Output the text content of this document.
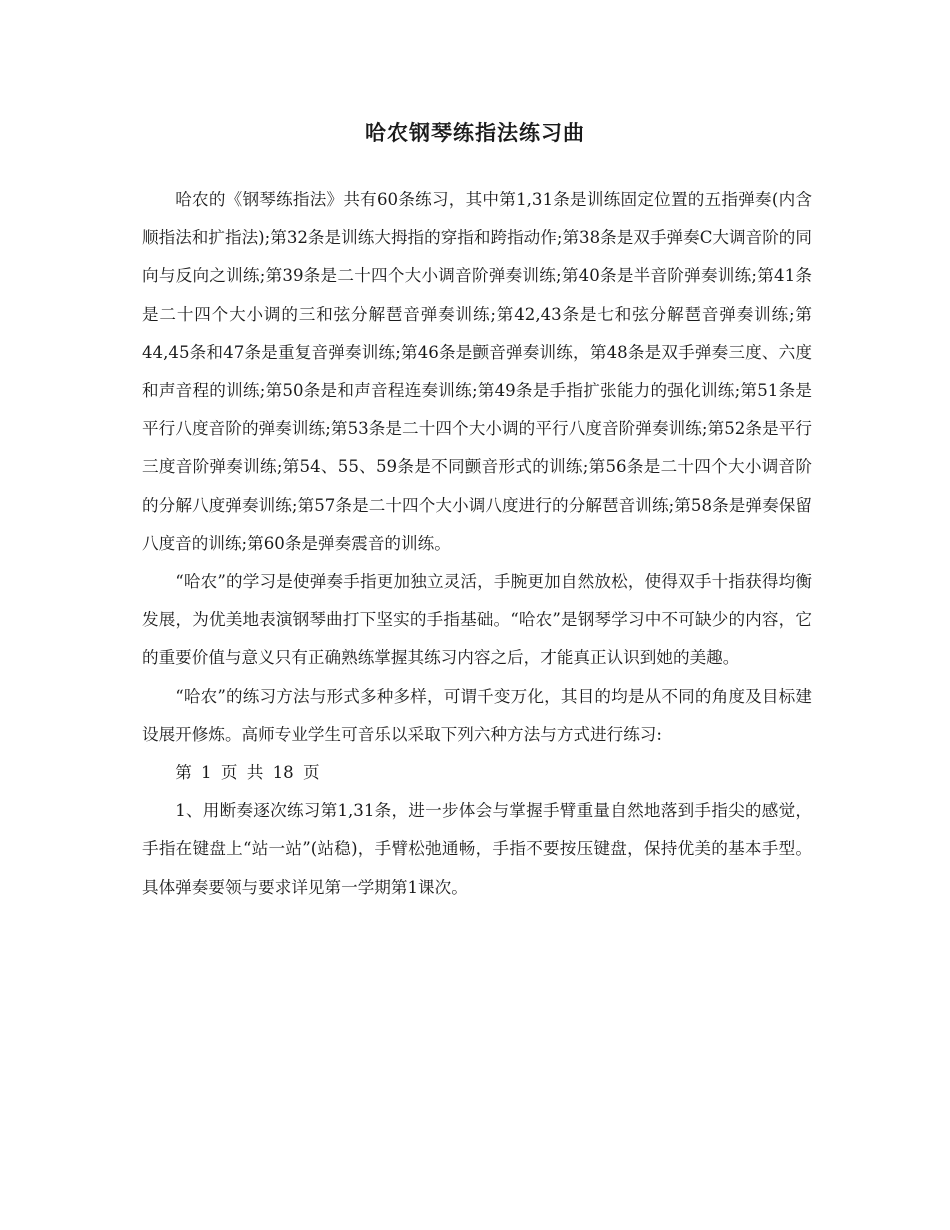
哈农钢琴练指法练习曲

哈农的《钢琴练指法》共有60条练习，其中第1,31条是训练固定位置的五指弹奏(内含顺指法和扩指法);第32条是训练大拇指的穿指和跨指动作;第38条是双手弹奏C大调音阶的同向与反向之训练;第39条是二十四个大小调音阶弹奏训练;第40条是半音阶弹奏训练;第41条是二十四个大小调的三和弦分解琶音弹奏训练;第42,43条是七和弦分解琶音弹奏训练;第44,45条和47条是重复音弹奏训练;第46条是颤音弹奏训练，第48条是双手弹奏三度、六度和声音程的训练;第50条是和声音程连奏训练;第49条是手指扩张能力的强化训练;第51条是平行八度音阶的弹奏训练;第53条是二十四个大小调的平行八度音阶弹奏训练;第52条是平行三度音阶弹奏训练;第54、55、59条是不同颤音形式的训练;第56条是二十四个大小调音阶的分解八度弹奏训练;第57条是二十四个大小调八度进行的分解琶音训练;第58条是弹奏保留八度音的训练;第60条是弹奏震音的训练。

“哈农”的学习是使弹奏手指更加独立灵活，手腕更加自然放松，使得双手十指获得均衡发展，为优美地表演钢琴曲打下坚实的手指基础。“哈农”是钢琴学习中不可缺少的内容，它的重要价值与意义只有正确熟练掌握其练习内容之后，才能真正认识到她的美趣。

“哈农”的练习方法与形式多种多样，可谓千变万化，其目的均是从不同的角度及目标建设展开修炼。高师专业学生可音乐以采取下列六种方法与方式进行练习:

第 1 页 共 18 页

1、用断奏逐次练习第1,31条，进一步体会与掌握手臂重量自然地落到手指尖的感觉，手指在键盘上“站一站”(站稳)，手臂松弛通畅，手指不要按压键盘，保持优美的基本手型。具体弹奏要领与要求详见第一学期第1课次。
